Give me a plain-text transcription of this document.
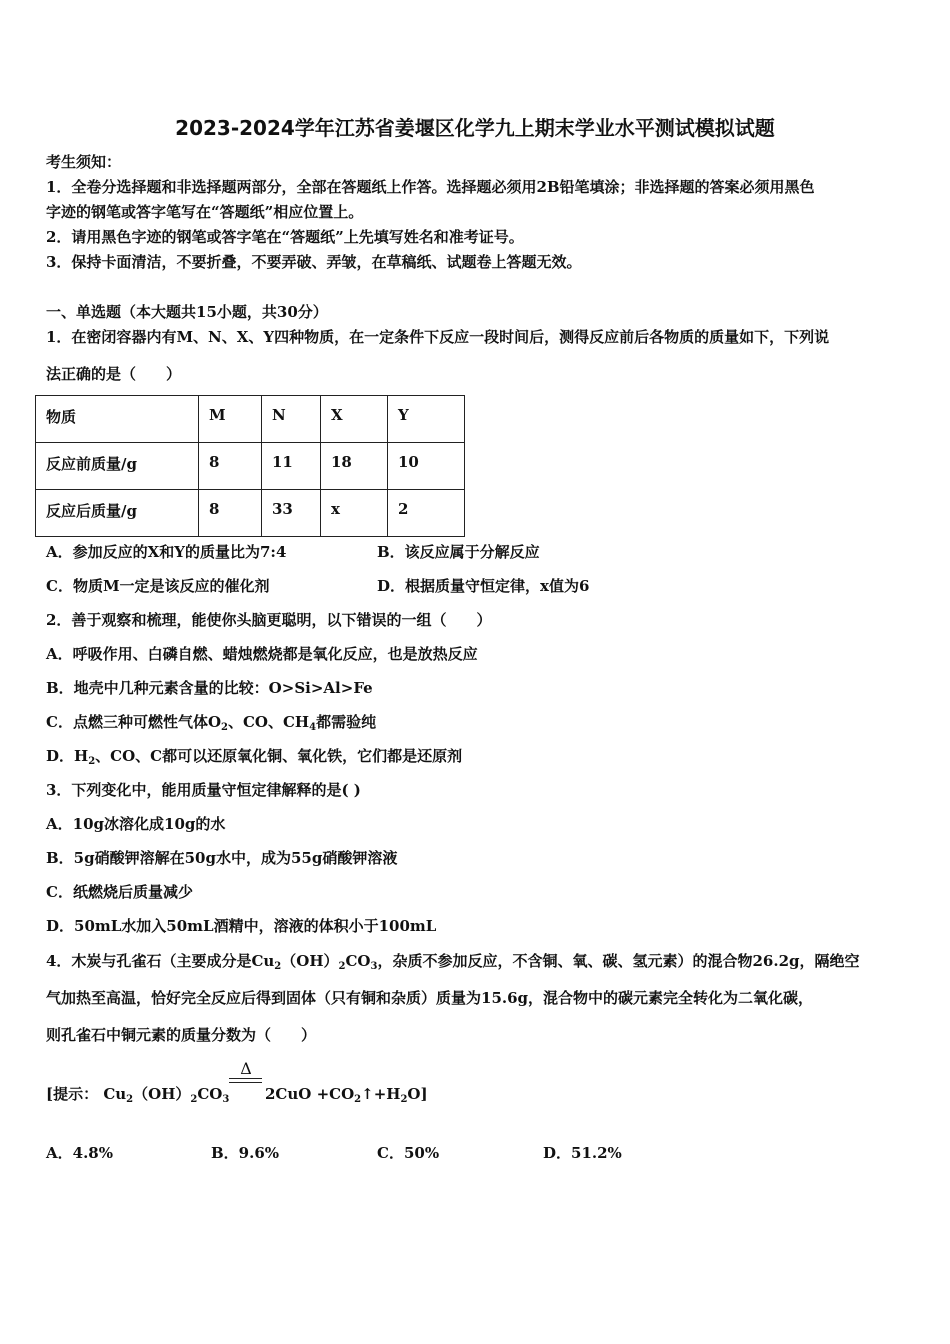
2023-2024学年江苏省姜堰区化学九上期末学业水平测试模拟试题
考生须知：
1．全卷分选择题和非选择题两部分，全部在答题纸上作答。选择题必须用2B铅笔填涂；非选择题的答案必须用黑色
字迹的钢笔或答字笔写在“答题纸”相应位置上。
2．请用黑色字迹的钢笔或答字笔在“答题纸”上先填写姓名和准考证号。
3．保持卡面清洁，不要折叠，不要弄破、弄皱，在草稿纸、试题卷上答题无效。
一、单选题（本大题共15小题，共30分）
1．在密闭容器内有M、N、X、Y四种物质，在一定条件下反应一段时间后，测得反应前后各物质的质量如下，下列说
法正确的是（　　）
物质	M	N	X	Y
反应前质量/g	8	11	18	10
反应后质量/g	8	33	x	2
A．参加反应的X和Y的质量比为7:4	B．该反应属于分解反应
C．物质M一定是该反应的催化剂	D．根据质量守恒定律，x值为6
2．善于观察和梳理，能使你头脑更聪明，以下错误的一组（　　）
A．呼吸作用、白磷自燃、蜡烛燃烧都是氧化反应，也是放热反应
B．地壳中几种元素含量的比较：O>Si>Al>Fe
C．点燃三种可燃性气体$O_2$、CO、$CH_4$都需验纯
D．$H_2$、CO、C都可以还原氧化铜、氧化铁，它们都是还原剂
3．下列变化中，能用质量守恒定律解释的是( )
A．10g冰溶化成10g的水
B．5g硝酸钾溶解在50g水中，成为55g硝酸钾溶液
C．纸燃烧后质量减少
D．50mL水加入50mL酒精中，溶液的体积小于100mL
4．木炭与孔雀石（主要成分是$Cu_2(OH)_2CO_3$，杂质不参加反应，不含铜、氧、碳、氢元素）的混合物26.2g，隔绝空
气加热至高温，恰好完全反应后得到固体（只有铜和杂质）质量为15.6g，混合物中的碳元素完全转化为二氧化碳，
则孔雀石中铜元素的质量分数为（　　）
[提示： $Cu_2(OH)_2CO_3$
Δ
$2CuO +CO_2↑+H_2O$]
A．4.8%	B．9.6%	C．50%	D．51.2%
